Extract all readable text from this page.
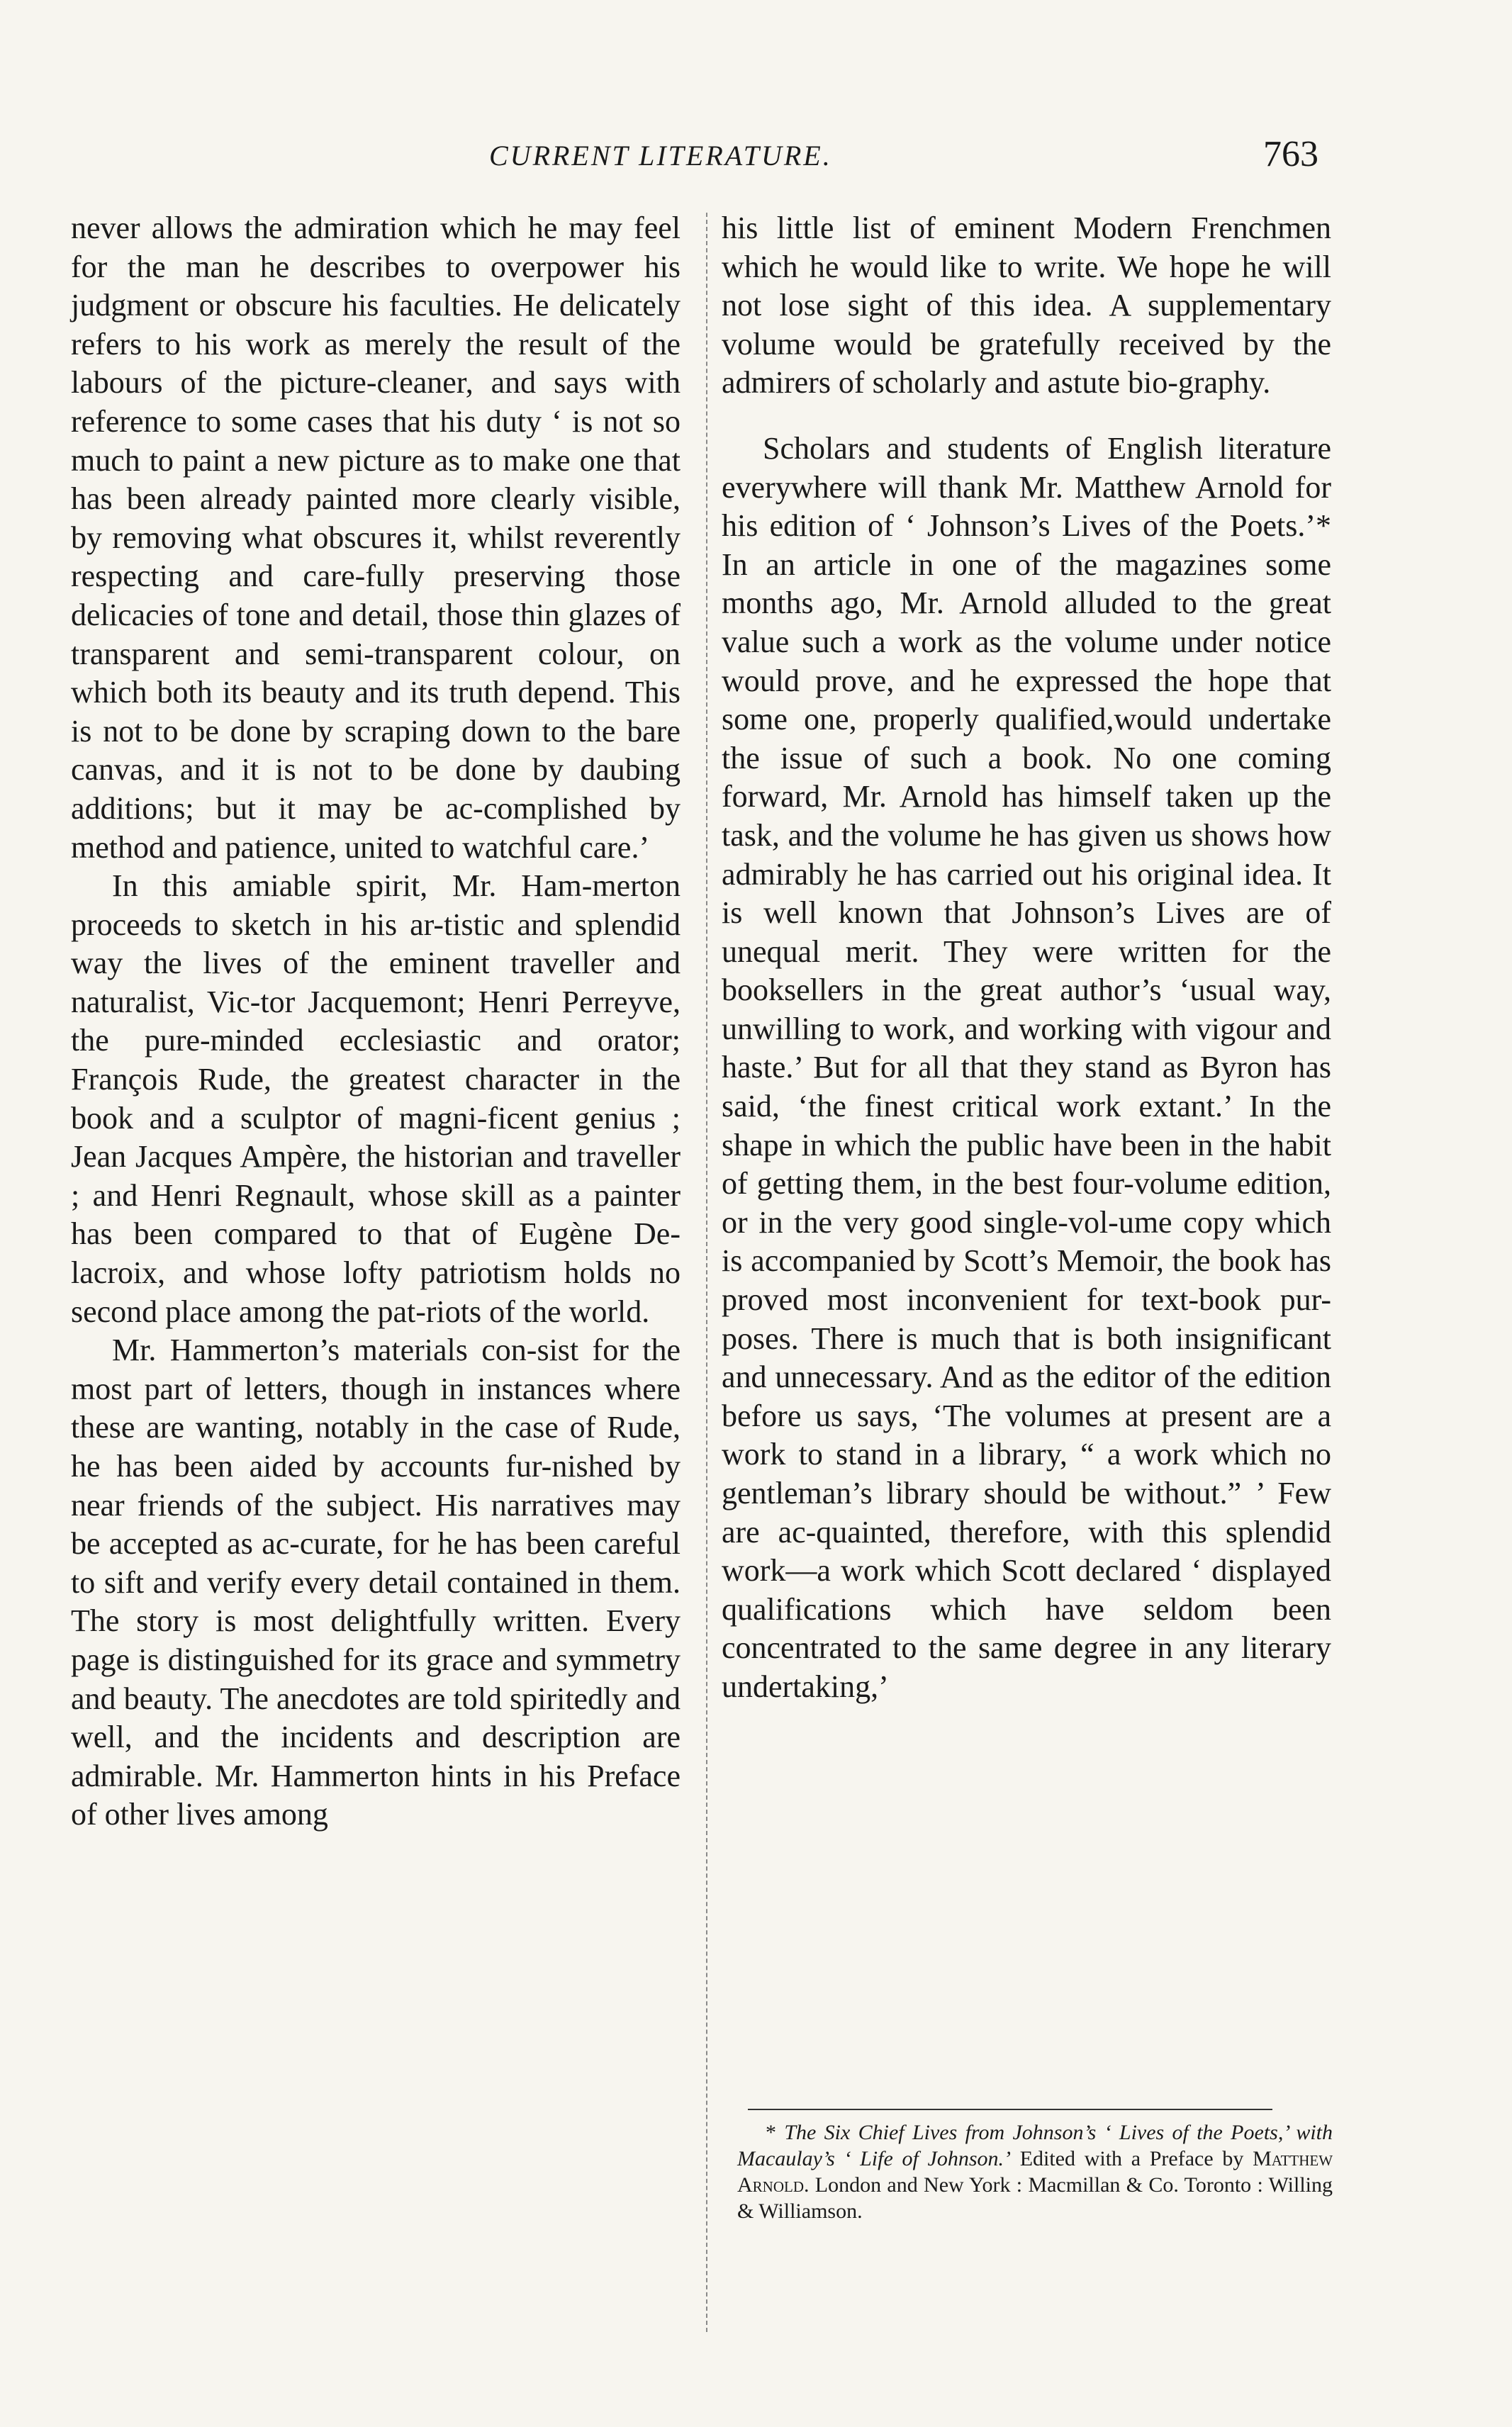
CURRENT LITERATURE.	763

never allows the admiration which he may feel for the man he describes to overpower his judgment or obscure his faculties. He delicately refers to his work as merely the result of the labours of the picture-cleaner, and says with reference to some cases that his duty ‘ is not so much to paint a new picture as to make one that has been already painted more clearly visible, by removing what obscures it, whilst reverently respecting and care-fully preserving those delicacies of tone and detail, those thin glazes of transparent and semi-transparent colour, on which both its beauty and its truth depend. This is not to be done by scraping down to the bare canvas, and it is not to be done by daubing additions; but it may be ac-complished by method and patience, united to watchful care.’

In this amiable spirit, Mr. Ham-merton proceeds to sketch in his ar-tistic and splendid way the lives of the eminent traveller and naturalist, Vic-tor Jacquemont; Henri Perreyve, the pure-minded ecclesiastic and orator; François Rude, the greatest character in the book and a sculptor of magni-ficent genius ; Jean Jacques Ampère, the historian and traveller ; and Henri Regnault, whose skill as a painter has been compared to that of Eugène De-lacroix, and whose lofty patriotism holds no second place among the pat-riots of the world.

Mr. Hammerton’s materials con-sist for the most part of letters, though in instances where these are wanting, notably in the case of Rude, he has been aided by accounts fur-nished by near friends of the subject. His narratives may be accepted as ac-curate, for he has been careful to sift and verify every detail contained in them. The story is most delightfully written. Every page is distinguished for its grace and symmetry and beauty. The anecdotes are told spiritedly and well, and the incidents and description are admirable. Mr. Hammerton hints in his Preface of other lives among

his little list of eminent Modern Frenchmen which he would like to write. We hope he will not lose sight of this idea. A supplementary volume would be gratefully received by the admirers of scholarly and astute bio-graphy.

Scholars and students of English literature everywhere will thank Mr. Matthew Arnold for his edition of ‘ Johnson’s Lives of the Poets.’* In an article in one of the magazines some months ago, Mr. Arnold alluded to the great value such a work as the volume under notice would prove, and he expressed the hope that some one, properly qualified,would undertake the issue of such a book. No one coming forward, Mr. Arnold has himself taken up the task, and the volume he has given us shows how admirably he has carried out his original idea. It is well known that Johnson’s Lives are of unequal merit. They were written for the booksellers in the great author’s ‘usual way, unwilling to work, and working with vigour and haste.’ But for all that they stand as Byron has said, ‘the finest critical work extant.’ In the shape in which the public have been in the habit of getting them, in the best four-volume edition, or in the very good single-vol-ume copy which is accompanied by Scott’s Memoir, the book has proved most inconvenient for text-book pur-poses. There is much that is both insignificant and unnecessary. And as the editor of the edition before us says, ‘The volumes at present are a work to stand in a library, “ a work which no gentleman’s library should be without.” ’ Few are ac-quainted, therefore, with this splendid work—a work which Scott declared ‘ displayed qualifications which have seldom been concentrated to the same degree in any literary undertaking,’

* The Six Chief Lives from Johnson’s ‘ Lives of the Poets,’ with Macaulay’s ‘ Life of Johnson.’ Edited with a Preface by Matthew Arnold. London and New York : Macmillan & Co. Toronto : Willing & Williamson.
